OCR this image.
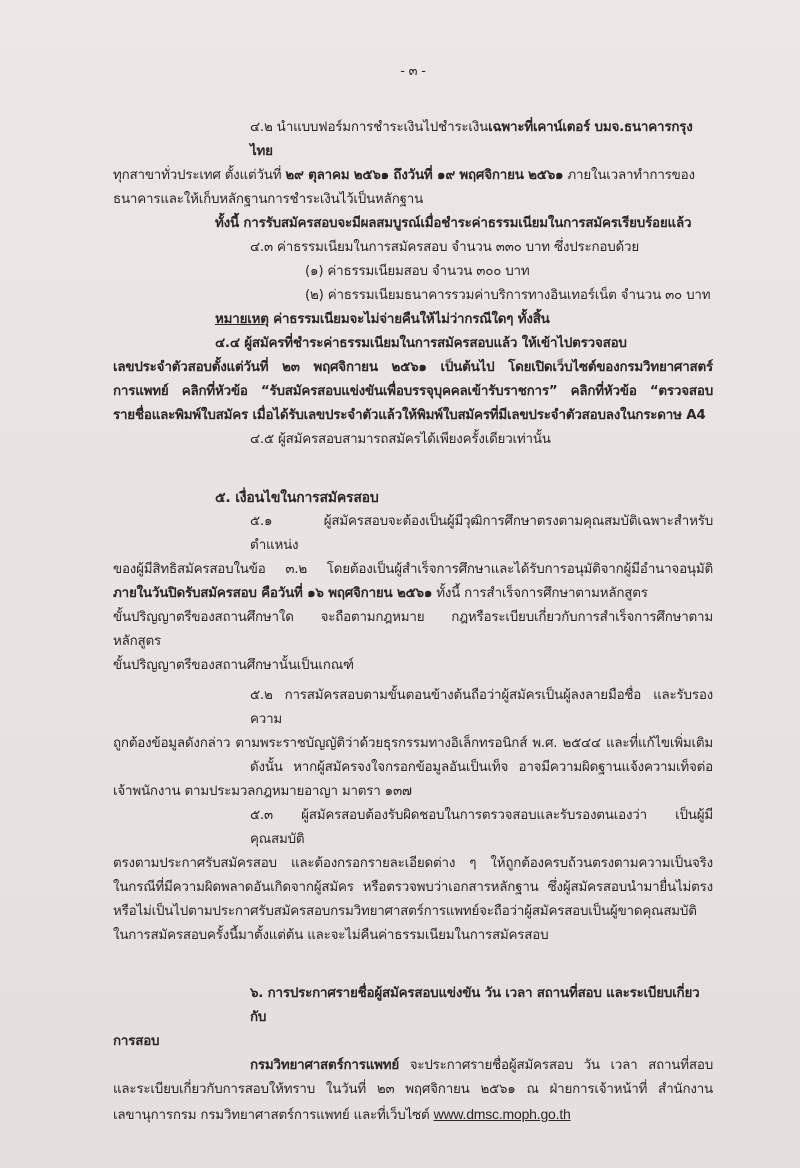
- ๓ -
๔.๒ นำแบบฟอร์มการชำระเงินไปชำระเงินเฉพาะที่เคาน์เตอร์ บมจ.ธนาคารกรุงไทย
ทุกสาขาทั่วประเทศ ตั้งแต่วันที่ ๒๙ ตุลาคม ๒๕๖๑ ถึงวันที่ ๑๙ พฤศจิกายน ๒๕๖๑ ภายในเวลาทำการของ
ธนาคารและให้เก็บหลักฐานการชำระเงินไว้เป็นหลักฐาน
ทั้งนี้ การรับสมัครสอบจะมีผลสมบูรณ์เมื่อชำระค่าธรรมเนียมในการสมัครเรียบร้อยแล้ว
๔.๓ ค่าธรรมเนียมในการสมัครสอบ จำนวน ๓๓๐ บาท ซึ่งประกอบด้วย
(๑) ค่าธรรมเนียมสอบ จำนวน ๓๐๐ บาท
(๒) ค่าธรรมเนียมธนาคารรวมค่าบริการทางอินเทอร์เน็ต จำนวน ๓๐ บาท
หมายเหตุ ค่าธรรมเนียมจะไม่จ่ายคืนให้ไม่ว่ากรณีใดๆ ทั้งสิ้น
๔.๔ ผู้สมัครที่ชำระค่าธรรมเนียมในการสมัครสอบแล้ว ให้เข้าไปตรวจสอบ
เลขประจำตัวสอบตั้งแต่วันที่ ๒๓ พฤศจิกายน ๒๕๖๑ เป็นต้นไป โดยเปิดเว็บไซต์ของกรมวิทยาศาสตร์
การแพทย์ คลิกที่หัวข้อ “รับสมัครสอบแข่งขันเพื่อบรรจุบุคคลเข้ารับราชการ” คลิกที่หัวข้อ “ตรวจสอบ
รายชื่อและพิมพ์ใบสมัคร เมื่อได้รับเลขประจำตัวแล้วให้พิมพ์ใบสมัครที่มีเลขประจำตัวสอบลงในกระดาษ A4
๔.๕ ผู้สมัครสอบสามารถสมัครได้เพียงครั้งเดียวเท่านั้น
๕. เงื่อนไขในการสมัครสอบ
๕.๑ ผู้สมัครสอบจะต้องเป็นผู้มีวุฒิการศึกษาตรงตามคุณสมบัติเฉพาะสำหรับตำแหน่ง
ของผู้มีสิทธิสมัครสอบในข้อ ๓.๒ โดยต้องเป็นผู้สำเร็จการศึกษาและได้รับการอนุมัติจากผู้มีอำนาจอนุมัติ
ภายในวันปิดรับสมัครสอบ คือวันที่ ๑๖ พฤศจิกายน ๒๕๖๑ ทั้งนี้ การสำเร็จการศึกษาตามหลักสูตร
ขั้นปริญญาตรีของสถานศึกษาใด จะถือตามกฎหมาย กฎหรือระเบียบเกี่ยวกับการสำเร็จการศึกษาตามหลักสูตร
ขั้นปริญญาตรีของสถานศึกษานั้นเป็นเกณฑ์
๕.๒ การสมัครสอบตามขั้นตอนข้างต้นถือว่าผู้สมัครเป็นผู้ลงลายมือชื่อ และรับรองความ
ถูกต้องข้อมูลดังกล่าว ตามพระราชบัญญัติว่าด้วยธุรกรรมทางอิเล็กทรอนิกส์ พ.ศ. ๒๕๔๔ และที่แก้ไขเพิ่มเติม
ดังนั้น หากผู้สมัครจงใจกรอกข้อมูลอันเป็นเท็จ อาจมีความผิดฐานแจ้งความเท็จต่อ
เจ้าพนักงาน ตามประมวลกฎหมายอาญา มาตรา ๑๓๗
๕.๓ ผู้สมัครสอบต้องรับผิดชอบในการตรวจสอบและรับรองตนเองว่า เป็นผู้มีคุณสมบัติ
ตรงตามประกาศรับสมัครสอบ และต้องกรอกรายละเอียดต่าง ๆ ให้ถูกต้องครบถ้วนตรงตามความเป็นจริง
ในกรณีที่มีความผิดพลาดอันเกิดจากผู้สมัคร หรือตรวจพบว่าเอกสารหลักฐาน ซึ่งผู้สมัครสอบนำมายื่นไม่ตรง
หรือไม่เป็นไปตามประกาศรับสมัครสอบกรมวิทยาศาสตร์การแพทย์จะถือว่าผู้สมัครสอบเป็นผู้ขาดคุณสมบัติ
ในการสมัครสอบครั้งนี้มาตั้งแต่ต้น และจะไม่คืนค่าธรรมเนียมในการสมัครสอบ
๖. การประกาศรายชื่อผู้สมัครสอบแข่งขัน วัน เวลา สถานที่สอบ และระเบียบเกี่ยวกับ
การสอบ
กรมวิทยาศาสตร์การแพทย์ จะประกาศรายชื่อผู้สมัครสอบ วัน เวลา สถานที่สอบ
และระเบียบเกี่ยวกับการสอบให้ทราบ ในวันที่ ๒๓ พฤศจิกายน ๒๕๖๑ ณ ฝ่ายการเจ้าหน้าที่ สำนักงาน
เลขานุการกรม กรมวิทยาศาสตร์การแพทย์ และที่เว็บไซต์ www.dmsc.moph.go.th
